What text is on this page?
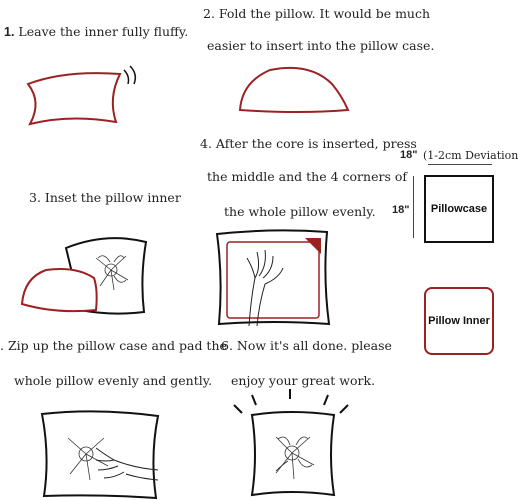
1. Leave the inner fully fluffy.
2. Fold the pillow. It would be much
easier to insert into the pillow case.
3. Inset the pillow inner
4. After the core is inserted, press
the middle and the 4 corners of
the whole pillow evenly.
. Zip up the pillow case and pad the
whole pillow evenly and gently.
6. Now it's all done. please
enjoy your great work.
18" (1-2cm Deviation
18" Pillowcase
Pillow Inner
